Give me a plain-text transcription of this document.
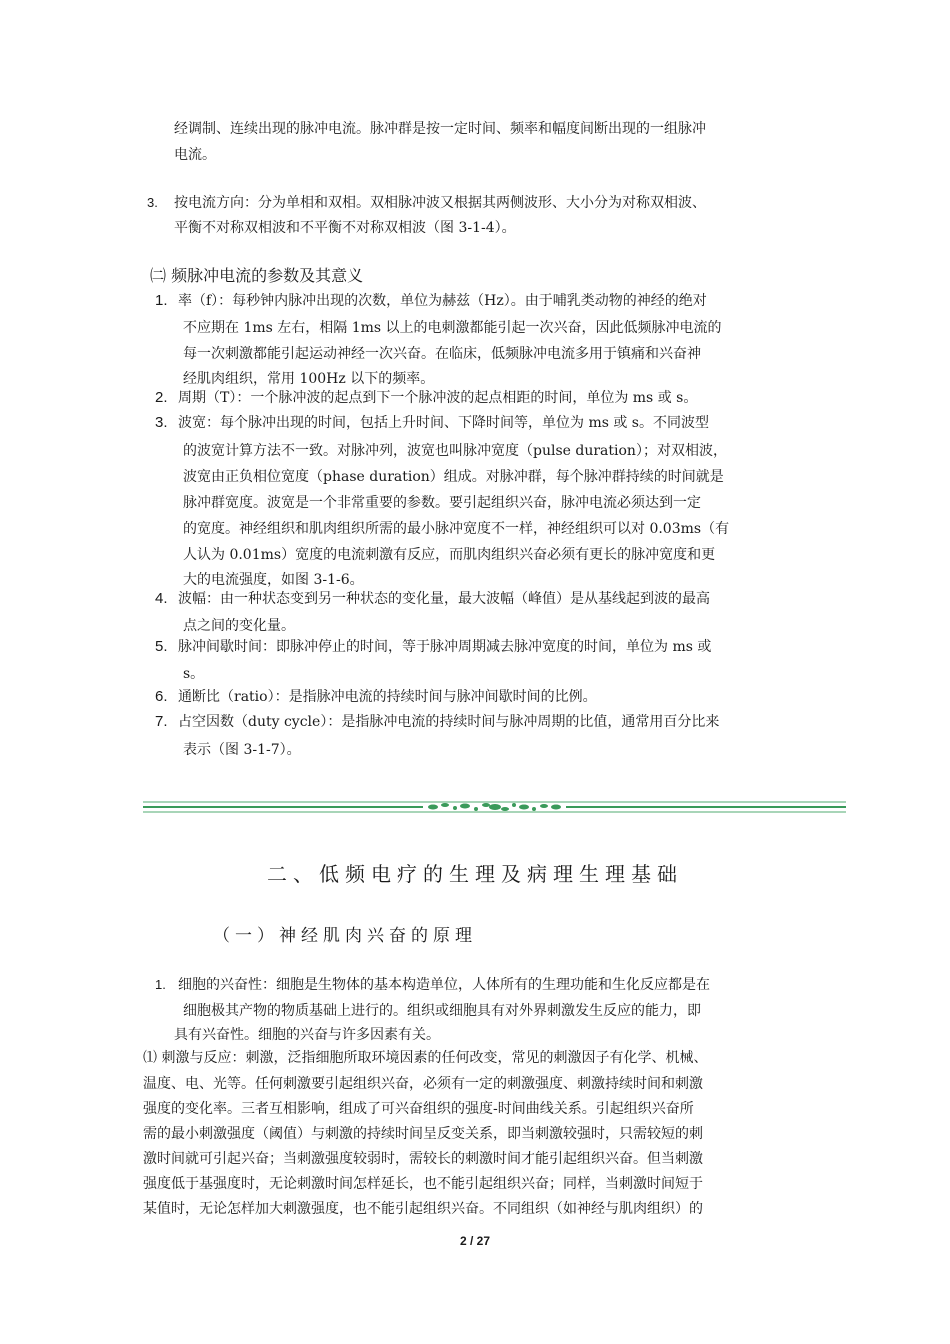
经调制、连续出现的脉冲电流。脉冲群是按一定时间、频率和幅度间断出现的一组脉冲
电流。
3. 按电流方向：分为单相和双相。双相脉冲波又根据其两侧波形、大小分为对称双相波、
平衡不对称双相波和不平衡不对称双相波（图 3-1-4）。
㈡ 频脉冲电流的参数及其意义
1. 率（f）：每秒钟内脉冲出现的次数，单位为赫兹（Hz）。由于哺乳类动物的神经的绝对
不应期在 1ms 左右，相隔 1ms 以上的电刺激都能引起一次兴奋，因此低频脉冲电流的
每一次刺激都能引起运动神经一次兴奋。在临床，低频脉冲电流多用于镇痛和兴奋神
经肌肉组织，常用 100Hz 以下的频率。
2. 周期（T）：一个脉冲波的起点到下一个脉冲波的起点相距的时间，单位为 ms 或 s。
3. 波宽：每个脉冲出现的时间，包括上升时间、下降时间等，单位为 ms 或 s。不同波型
的波宽计算方法不一致。对脉冲列，波宽也叫脉冲宽度（pulse duration）；对双相波，
波宽由正负相位宽度（phase duration）组成。对脉冲群，每个脉冲群持续的时间就是
脉冲群宽度。波宽是一个非常重要的参数。要引起组织兴奋，脉冲电流必须达到一定
的宽度。神经组织和肌肉组织所需的最小脉冲宽度不一样，神经组织可以对 0.03ms（有
人认为 0.01ms）宽度的电流刺激有反应，而肌肉组织兴奋必须有更长的脉冲宽度和更
大的电流强度，如图 3-1-6。
4. 波幅：由一种状态变到另一种状态的变化量，最大波幅（峰值）是从基线起到波的最高
点之间的变化量。
5. 脉冲间歇时间：即脉冲停止的时间，等于脉冲周期减去脉冲宽度的时间，单位为 ms 或
s。
6. 通断比（ratio）：是指脉冲电流的持续时间与脉冲间歇时间的比例。
7. 占空因数（duty cycle）：是指脉冲电流的持续时间与脉冲周期的比值，通常用百分比来
表示（图 3-1-7）。
二、低频电疗的生理及病理生理基础
（一）神经肌肉兴奋的原理
1. 细胞的兴奋性：细胞是生物体的基本构造单位，人体所有的生理功能和生化反应都是在
细胞极其产物的物质基础上进行的。组织或细胞具有对外界刺激发生反应的能力，即
具有兴奋性。细胞的兴奋与许多因素有关。
⑴ 刺激与反应：刺激，泛指细胞所取环境因素的任何改变，常见的刺激因子有化学、机械、
温度、电、光等。任何刺激要引起组织兴奋，必须有一定的刺激强度、刺激持续时间和刺激
强度的变化率。三者互相影响，组成了可兴奋组织的强度-时间曲线关系。引起组织兴奋所
需的最小刺激强度（阈值）与刺激的持续时间呈反变关系，即当刺激较强时，只需较短的刺
激时间就可引起兴奋；当刺激强度较弱时，需较长的刺激时间才能引起组织兴奋。但当刺激
强度低于基强度时，无论刺激时间怎样延长，也不能引起组织兴奋；同样，当刺激时间短于
某值时，无论怎样加大刺激强度，也不能引起组织兴奋。不同组织（如神经与肌肉组织）的
2 / 27
